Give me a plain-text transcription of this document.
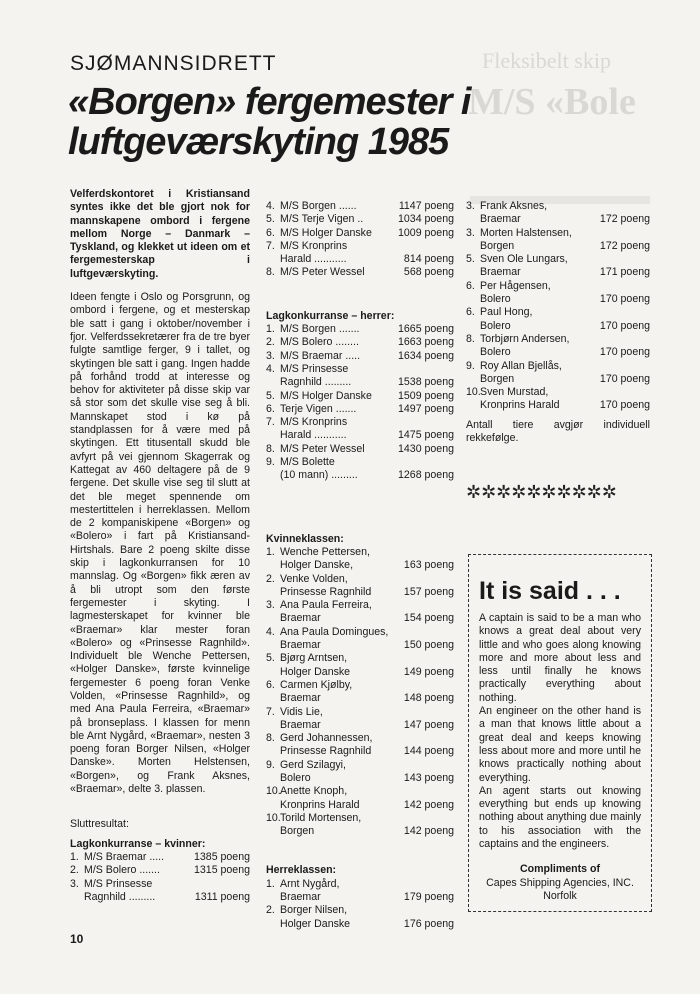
Fleksibelt skip
M/S «Bole
SJØMANNSIDRETT
«Borgen» fergemester i
luftgeværskyting 1985

Velferdskontoret i Kristiansand syntes ikke det ble gjort nok for mannskapene ombord i fergene mellom Norge – Danmark – Tyskland, og klekket ut ideen om et fergemesterskap i luftgeværskyting.

Ideen fengte i Oslo og Porsgrunn, og ombord i fergene, og et mesterskap ble satt i gang i oktober/november i fjor. Velferdssekretærer fra de tre byer fulgte samtlige ferger, 9 i tallet, og skytingen ble satt i gang. Ingen hadde på forhånd trodd at interesse og behov for aktiviteter på disse skip var så stor som det skulle vise seg å bli. Mannskapet stod i kø på standplassen for å være med på skytingen. Ett titusentall skudd ble avfyrt på vei gjennom Skagerrak og Kattegat av 460 deltagere på de 9 fergene. Det skulle vise seg til slutt at det ble meget spennende om mestertittelen i herreklassen. Mellom de 2 kompaniskipene «Borgen» og «Bolero» i fart på Kristiansand-Hirtshals. Bare 2 poeng skilte disse skip i lagkonkurransen for 10 mannslag. Og «Borgen» fikk æren av å bli utropt som den første fergemester i skyting. I lagmesterskapet for kvinner ble «Braemar» klar mester foran «Bolero» og «Prinsesse Ragnhild». Individuelt ble Wenche Pettersen, «Holger Danske», første kvinnelige fergemester 6 poeng foran Venke Volden, «Prinsesse Ragnhild», og med Ana Paula Ferreira, «Braemar» på bronseplass. I klassen for menn ble Arnt Nygård, «Braemar», nesten 3 poeng foran Borger Nilsen, «Holger Danske». Morten Helstensen, «Borgen», og Frank Aksnes, «Braemar», delte 3. plassen.

Sluttresultat:
Lagkonkurranse – kvinner:
1. M/S Braemar .....	1385 poeng
2. M/S Bolero .......	1315 poeng
3. M/S Prinsesse
Ragnhild .........	1311 poeng
4. M/S Borgen ......	1147 poeng
5. M/S Terje Vigen ..	1034 poeng
6. M/S Holger Danske	1009 poeng
7. M/S Kronprins
Harald ...........	814 poeng
8. M/S Peter Wessel	568 poeng
Lagkonkurranse – herrer:
1. M/S Borgen .......	1665 poeng
2. M/S Bolero ........	1663 poeng
3. M/S Braemar .....	1634 poeng
4. M/S Prinsesse
Ragnhild .........	1538 poeng
5. M/S Holger Danske	1509 poeng
6. Terje Vigen .......	1497 poeng
7. M/S Kronprins
Harald ...........	1475 poeng
8. M/S Peter Wessel	1430 poeng
9. M/S Bolette
(10 mann) .........	1268 poeng
Kvinneklassen:
1. Wenche Pettersen,
Holger Danske,	163 poeng
2. Venke Volden,
Prinsesse Ragnhild	157 poeng
3. Ana Paula Ferreira,
Braemar	154 poeng
4. Ana Paula Domingues,
Braemar	150 poeng
5. Bjørg Arntsen,
Holger Danske	149 poeng
6. Carmen Kjølby,
Braemar	148 poeng
7. Vidis Lie,
Braemar	147 poeng
8. Gerd Johannessen,
Prinsesse Ragnhild	144 poeng
9. Gerd Szilagyi,
Bolero	143 poeng
10. Anette Knoph,
Kronprins Harald	142 poeng
10. Torild Mortensen,
Borgen	142 poeng
Herreklassen:
1. Arnt Nygård,
Braemar	179 poeng
2. Borger Nilsen,
Holger Danske	176 poeng
3. Frank Aksnes,
Braemar	172 poeng
3. Morten Halstensen,
Borgen	172 poeng
5. Sven Ole Lungars,
Braemar	171 poeng
6. Per Hågensen,
Bolero	170 poeng
6. Paul Hong,
Bolero	170 poeng
8. Torbjørn Andersen,
Bolero	170 poeng
9. Roy Allan Bjellås,
Borgen	170 poeng
10. Sven Murstad,
Kronprins Harald	170 poeng
Antall tiere avgjør individuell rekkefølge.
✲✲✲✲✲✲✲✲✲✲
It is said . . .

A captain is said to be a man who knows a great deal about very little and who goes along knowing more and more about less and less until finally he knows practically everything about nothing.

An engineer on the other hand is a man that knows little about a great deal and keeps knowing less about more and more until he knows practically nothing about everything.

An agent starts out knowing everything but ends up knowing nothing about anything due mainly to his association with the captains and the engineers.

Compliments of
Capes Shipping Agencies, INC.
Norfolk
10
